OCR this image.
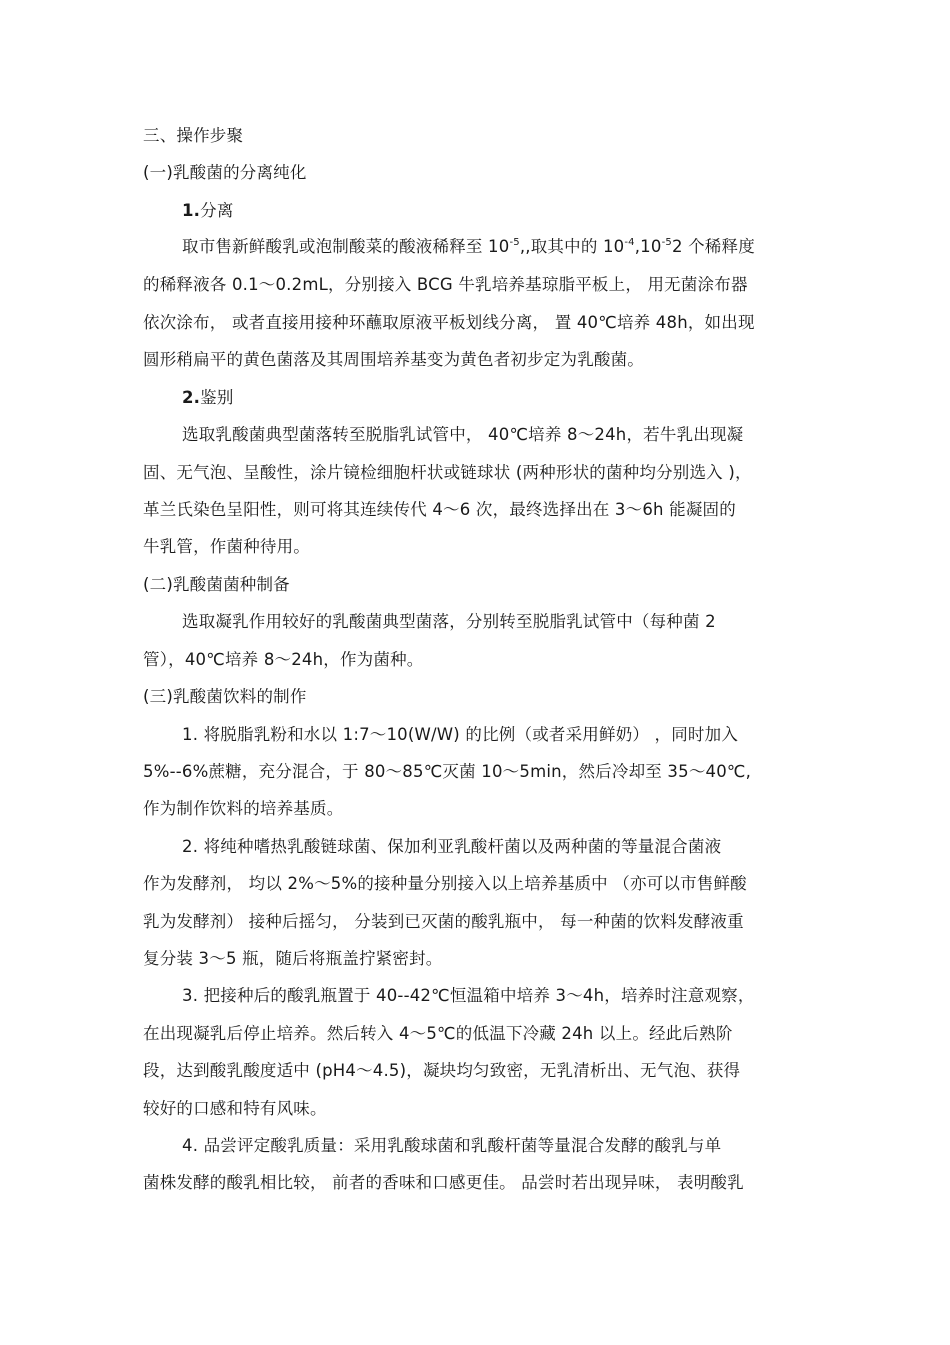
三、操作步聚
(一)乳酸菌的分离纯化
1.分离
取市售新鲜酸乳或泡制酸菜的酸液稀释至 $10^{-5}$,,取其中的 $10^{-4},10^{-5}2$ 个稀释度
的稀释液各 0.1～0.2mL，分别接入 BCG 牛乳培养基琼脂平板上， 用无菌涂布器
依次涂布， 或者直接用接种环蘸取原液平板划线分离， 置 40℃培养 48h，如出现
圆形稍扁平的黄色菌落及其周围培养基变为黄色者初步定为乳酸菌。
2.鉴别
选取乳酸菌典型菌落转至脱脂乳试管中， 40℃培养 8～24h，若牛乳出现凝
固、无气泡、呈酸性，涂片镜检细胞杆状或链球状 (两种形状的菌种均分别选入 )，
革兰氏染色呈阳性，则可将其连续传代 4～6 次，最终选择出在 3～6h 能凝固的
牛乳管，作菌种待用。
(二)乳酸菌菌种制备
选取凝乳作用较好的乳酸菌典型菌落，分别转至脱脂乳试管中（每种菌 2
管），40℃培养 8～24h，作为菌种。
(三)乳酸菌饮料的制作
1. 将脱脂乳粉和水以 1:7～10(W/W) 的比例（或者采用鲜奶） ，同时加入
5%--6%蔗糖，充分混合，于 80～85℃灭菌 10～5min，然后冷却至 35～40℃,
作为制作饮料的培养基质。
2. 将纯种嗜热乳酸链球菌、保加利亚乳酸杆菌以及两种菌的等量混合菌液
作为发酵剂， 均以 2%～5%的接种量分别接入以上培养基质中 （亦可以市售鲜酸
乳为发酵剂） 接种后摇匀， 分装到已灭菌的酸乳瓶中， 每一种菌的饮料发酵液重
复分装 3～5 瓶，随后将瓶盖拧紧密封。
3. 把接种后的酸乳瓶置于 40--42℃恒温箱中培养 3～4h，培养时注意观察，
在出现凝乳后停止培养。然后转入 4～5℃的低温下冷藏 24h 以上。经此后熟阶
段，达到酸乳酸度适中 (pH4～4.5)，凝块均匀致密，无乳清析出、无气泡、获得
较好的口感和特有风味。
4. 品尝评定酸乳质量：采用乳酸球菌和乳酸杆菌等量混合发酵的酸乳与单
菌株发酵的酸乳相比较， 前者的香味和口感更佳。 品尝时若出现异味， 表明酸乳
